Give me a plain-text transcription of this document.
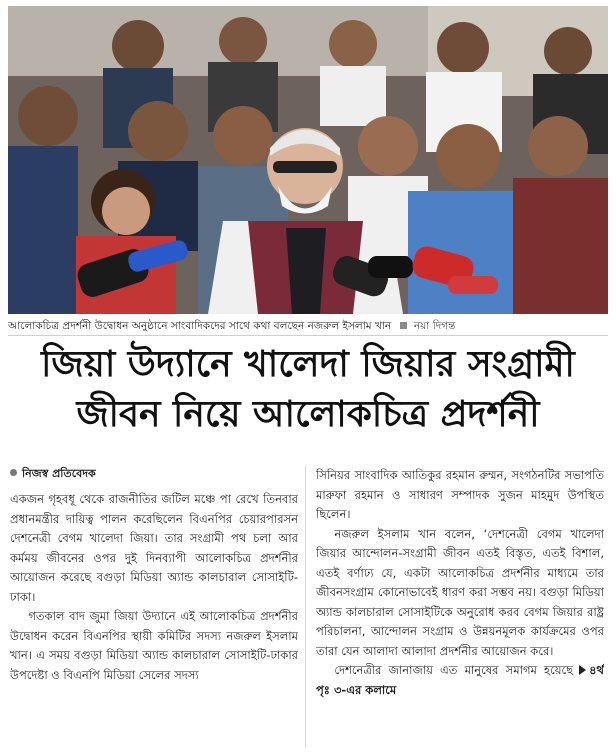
আলোকচিত্র প্রদর্শনী উদ্বোধন অনুষ্ঠানে সাংবাদিকদের সাথে কথা বলছেন নজরুল ইসলাম খান নয়া দিগন্ত
জিয়া উদ্যানে খালেদা জিয়ার সংগ্রামী
জীবন নিয়ে আলোকচিত্র প্রদর্শনী
নিজস্ব প্রতিবেদক

একজন গৃহবধূ থেকে রাজনীতির জটিল মঞ্চে পা রেখে তিনবার প্রধানমন্ত্রীর দায়িত্ব পালন করেছিলেন বিএনপির চেয়ারপারসন দেশনেত্রী বেগম খালেদা জিয়া। তার সংগ্রামী পথ চলা আর কর্মময় জীবনের ওপর দুই দিনব্যাপী আলোকচিত্র প্রদর্শনীর আয়োজন করেছে বগুড়া মিডিয়া অ্যান্ড কালচারাল সোসাইটি-ঢাকা।

গতকাল বাদ জুমা জিয়া উদ্যানে এই আলোকচিত্র প্রদর্শনীর উদ্বোধন করেন বিএনপির স্থায়ী কমিটির সদস্য নজরুল ইসলাম খান। এ সময় বগুড়া মিডিয়া অ্যান্ড কালচারাল সোসাইটি-ঢাকার উপদেষ্টা ও বিএনপি মিডিয়া সেলের সদস্য

সিনিয়র সাংবাদিক আতিকুর রহমান রুম্মন, সংগঠনটির সভাপতি মারুফা রহমান ও সাধারণ সম্পাদক সুজন মাহমুদ উপস্থিত ছিলেন।

নজরুল ইসলাম খান বলেন, ‘দেশনেত্রী বেগম খালেদা জিয়ার আন্দোলন-সংগ্রামী জীবন এতই বিস্তৃত, এতই বিশাল, এতই বর্ণাঢ্য যে, একটা আলোকচিত্র প্রদর্শনীর মাধ্যমে তার জীবনসংগ্রাম কোনোভাবেই ধারণ করা সম্ভব নয়। বগুড়া মিডিয়া অ্যান্ড কালচারাল সোসাইটিকে অনুরোধ করব বেগম জিয়ার রাষ্ট্র পরিচালনা, আন্দোলন সংগ্রাম ও উন্নয়নমূলক কার্যক্রমের ওপর তারা যেন আলাদা আলাদা প্রদর্শনীর আয়োজন করে।

দেশনেত্রীর জানাজায় এত মানুষের সমাগম হয়েছে ৪র্থ পৃঃ ৩-এর কলামে
